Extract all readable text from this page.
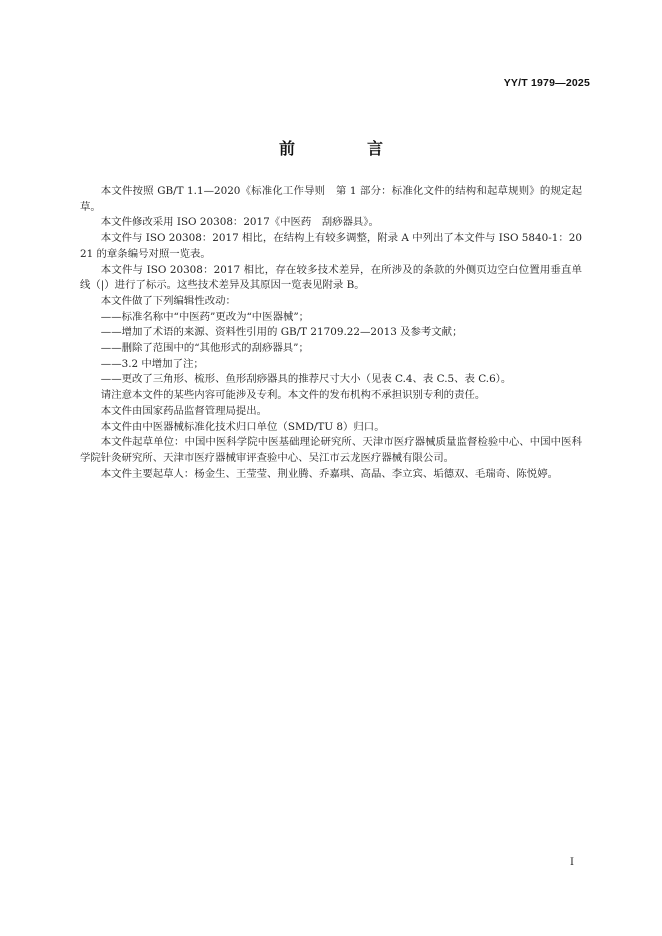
YY/T 1979—2025
前　言

本文件按照 GB/T 1.1—2020《标准化工作导则　第 1 部分：标准化文件的结构和起草规则》的规定起草。

本文件修改采用 ISO 20308：2017《中医药　刮痧器具》。

本文件与 ISO 20308：2017 相比，在结构上有较多调整，附录 A 中列出了本文件与 ISO 5840-1：2021 的章条编号对照一览表。

本文件与 ISO 20308：2017 相比，存在较多技术差异，在所涉及的条款的外侧页边空白位置用垂直单线（|）进行了标示。这些技术差异及其原因一览表见附录 B。

本文件做了下列编辑性改动：

——标准名称中“中医药”更改为“中医器械”；

——增加了术语的来源、资料性引用的 GB/T 21709.22—2013 及参考文献；

——删除了范围中的“其他形式的刮痧器具”；

——3.2 中增加了注；

——更改了三角形、梳形、鱼形刮痧器具的推荐尺寸大小（见表 C.4、表 C.5、表 C.6）。

请注意本文件的某些内容可能涉及专利。本文件的发布机构不承担识别专利的责任。

本文件由国家药品监督管理局提出。

本文件由中医器械标准化技术归口单位（SMD/TU 8）归口。

本文件起草单位：中国中医科学院中医基础理论研究所、天津市医疗器械质量监督检验中心、中国中医科学院针灸研究所、天津市医疗器械审评查验中心、吴江市云龙医疗器械有限公司。

本文件主要起草人：杨金生、王莹莹、荆业腾、乔嘉琪、高晶、李立宾、垢德双、毛瑞奇、陈悦婷。

I
